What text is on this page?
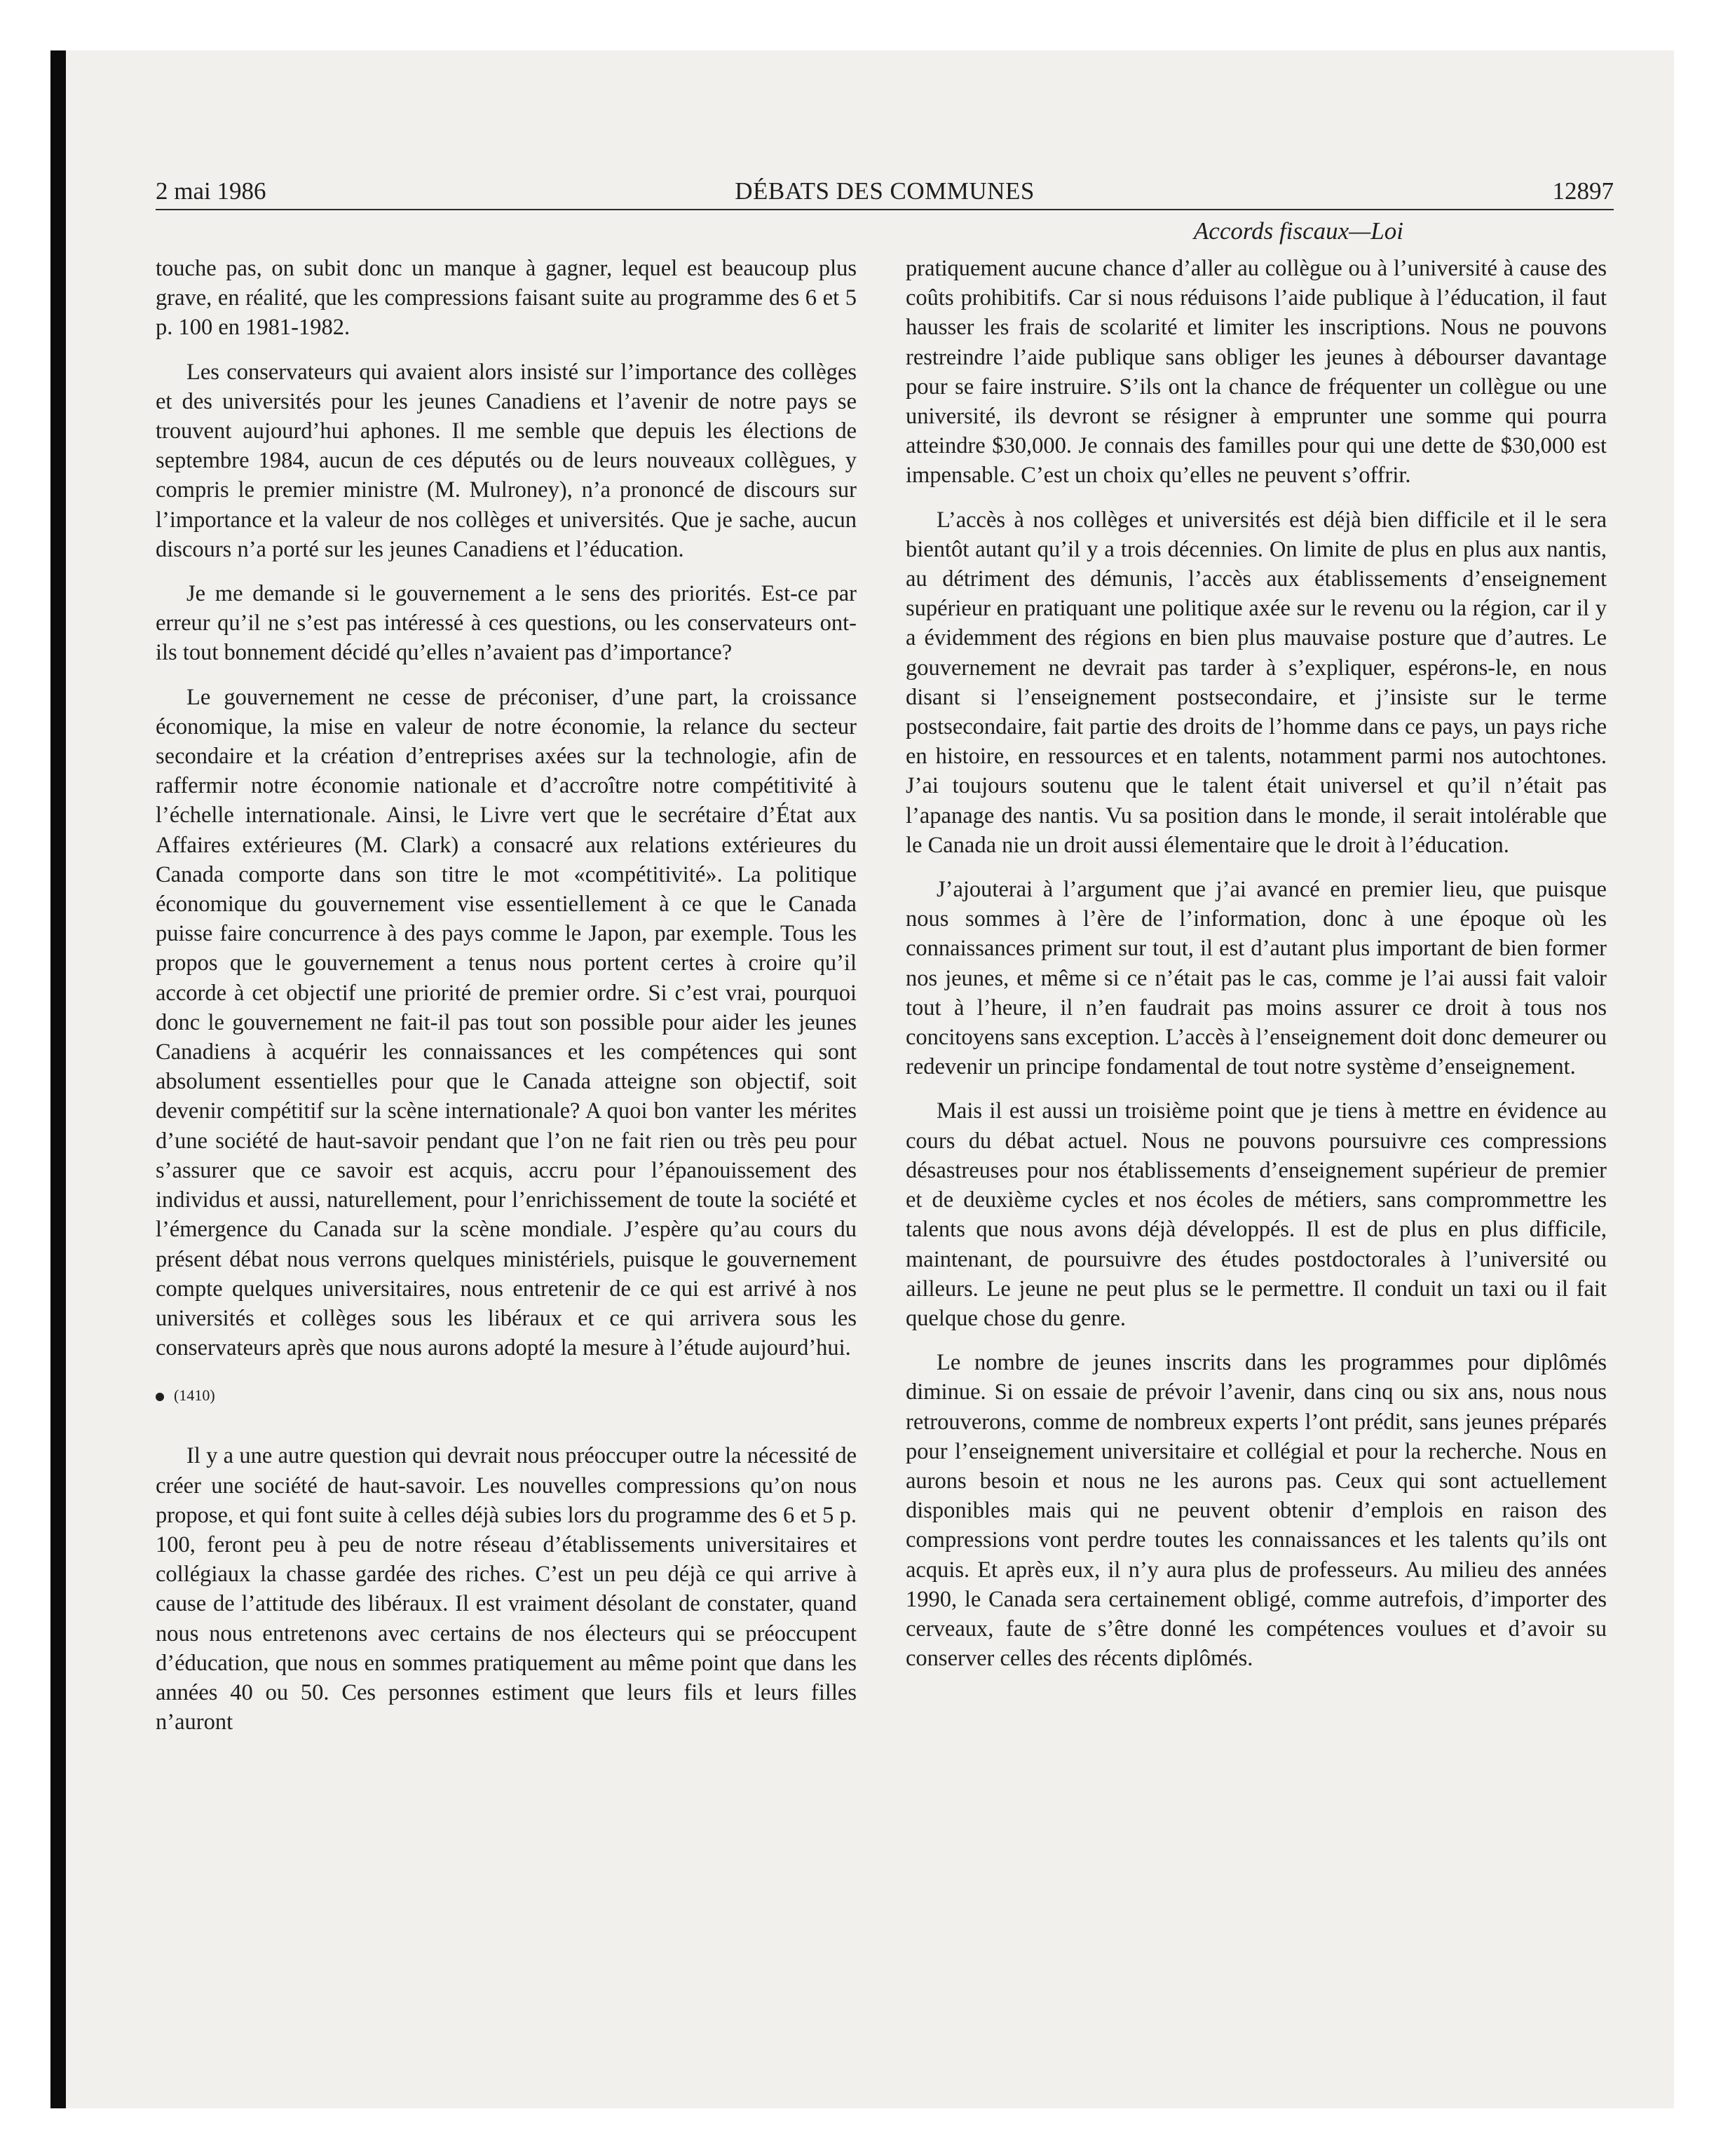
2 mai 1986	DÉBATS DES COMMUNES	12897
Accords fiscaux—Loi

touche pas, on subit donc un manque à gagner, lequel est beaucoup plus grave, en réalité, que les compressions faisant suite au programme des 6 et 5 p. 100 en 1981-1982.

Les conservateurs qui avaient alors insisté sur l’importance des collèges et des universités pour les jeunes Canadiens et l’avenir de notre pays se trouvent aujourd’hui aphones. Il me semble que depuis les élections de septembre 1984, aucun de ces députés ou de leurs nouveaux collègues, y compris le premier ministre (M. Mulroney), n’a prononcé de discours sur l’importance et la valeur de nos collèges et universités. Que je sache, aucun discours n’a porté sur les jeunes Canadiens et l’éducation.

Je me demande si le gouvernement a le sens des priorités. Est-ce par erreur qu’il ne s’est pas intéressé à ces questions, ou les conservateurs ont-ils tout bonnement décidé qu’elles n’avaient pas d’importance?

Le gouvernement ne cesse de préconiser, d’une part, la croissance économique, la mise en valeur de notre économie, la relance du secteur secondaire et la création d’entreprises axées sur la technologie, afin de raffermir notre économie nationale et d’accroître notre compétitivité à l’échelle internationale. Ainsi, le Livre vert que le secrétaire d’État aux Affaires extérieures (M. Clark) a consacré aux relations extérieures du Canada comporte dans son titre le mot «compétitivité». La politique économique du gouvernement vise essentiellement à ce que le Canada puisse faire concurrence à des pays comme le Japon, par exemple. Tous les propos que le gouvernement a tenus nous portent certes à croire qu’il accorde à cet objectif une priorité de premier ordre. Si c’est vrai, pourquoi donc le gouvernement ne fait-il pas tout son possible pour aider les jeunes Canadiens à acquérir les connaissances et les compétences qui sont absolument essentielles pour que le Canada atteigne son objectif, soit devenir compétitif sur la scène internationale? A quoi bon vanter les mérites d’une société de haut-savoir pendant que l’on ne fait rien ou très peu pour s’assurer que ce savoir est acquis, accru pour l’épanouissement des individus et aussi, naturellement, pour l’enrichissement de toute la société et l’émergence du Canada sur la scène mondiale. J’espère qu’au cours du présent débat nous verrons quelques ministériels, puisque le gouvernement compte quelques universitaires, nous entretenir de ce qui est arrivé à nos universités et collèges sous les libéraux et ce qui arrivera sous les conservateurs après que nous aurons adopté la mesure à l’étude aujourd’hui.

(1410)

Il y a une autre question qui devrait nous préoccuper outre la nécessité de créer une société de haut-savoir. Les nouvelles compressions qu’on nous propose, et qui font suite à celles déjà subies lors du programme des 6 et 5 p. 100, feront peu à peu de notre réseau d’établissements universitaires et collégiaux la chasse gardée des riches. C’est un peu déjà ce qui arrive à cause de l’attitude des libéraux. Il est vraiment désolant de constater, quand nous nous entretenons avec certains de nos électeurs qui se préoccupent d’éducation, que nous en sommes pratiquement au même point que dans les années 40 ou 50. Ces personnes estiment que leurs fils et leurs filles n’auront

pratiquement aucune chance d’aller au collègue ou à l’université à cause des coûts prohibitifs. Car si nous réduisons l’aide publique à l’éducation, il faut hausser les frais de scolarité et limiter les inscriptions. Nous ne pouvons restreindre l’aide publique sans obliger les jeunes à débourser davantage pour se faire instruire. S’ils ont la chance de fréquenter un collègue ou une université, ils devront se résigner à emprunter une somme qui pourra atteindre $30,000. Je connais des familles pour qui une dette de $30,000 est impensable. C’est un choix qu’elles ne peuvent s’offrir.

L’accès à nos collèges et universités est déjà bien difficile et il le sera bientôt autant qu’il y a trois décennies. On limite de plus en plus aux nantis, au détriment des démunis, l’accès aux établissements d’enseignement supérieur en pratiquant une politique axée sur le revenu ou la région, car il y a évidemment des régions en bien plus mauvaise posture que d’autres. Le gouvernement ne devrait pas tarder à s’expliquer, espérons-le, en nous disant si l’enseignement postsecondaire, et j’insiste sur le terme postsecondaire, fait partie des droits de l’homme dans ce pays, un pays riche en histoire, en ressources et en talents, notamment parmi nos autochtones. J’ai toujours soutenu que le talent était universel et qu’il n’était pas l’apanage des nantis. Vu sa position dans le monde, il serait intolérable que le Canada nie un droit aussi élementaire que le droit à l’éducation.

J’ajouterai à l’argument que j’ai avancé en premier lieu, que puisque nous sommes à l’ère de l’information, donc à une époque où les connaissances priment sur tout, il est d’autant plus important de bien former nos jeunes, et même si ce n’était pas le cas, comme je l’ai aussi fait valoir tout à l’heure, il n’en faudrait pas moins assurer ce droit à tous nos concitoyens sans exception. L’accès à l’enseignement doit donc demeurer ou redevenir un principe fondamental de tout notre système d’enseignement.

Mais il est aussi un troisième point que je tiens à mettre en évidence au cours du débat actuel. Nous ne pouvons poursuivre ces compressions désastreuses pour nos établissements d’enseignement supérieur de premier et de deuxième cycles et nos écoles de métiers, sans comprommettre les talents que nous avons déjà développés. Il est de plus en plus difficile, maintenant, de poursuivre des études postdoctorales à l’université ou ailleurs. Le jeune ne peut plus se le permettre. Il conduit un taxi ou il fait quelque chose du genre.

Le nombre de jeunes inscrits dans les programmes pour diplômés diminue. Si on essaie de prévoir l’avenir, dans cinq ou six ans, nous nous retrouverons, comme de nombreux experts l’ont prédit, sans jeunes préparés pour l’enseignement universitaire et collégial et pour la recherche. Nous en aurons besoin et nous ne les aurons pas. Ceux qui sont actuellement disponibles mais qui ne peuvent obtenir d’emplois en raison des compressions vont perdre toutes les connaissances et les talents qu’ils ont acquis. Et après eux, il n’y aura plus de professeurs. Au milieu des années 1990, le Canada sera certainement obligé, comme autrefois, d’importer des cerveaux, faute de s’être donné les compétences voulues et d’avoir su conserver celles des récents diplômés.
